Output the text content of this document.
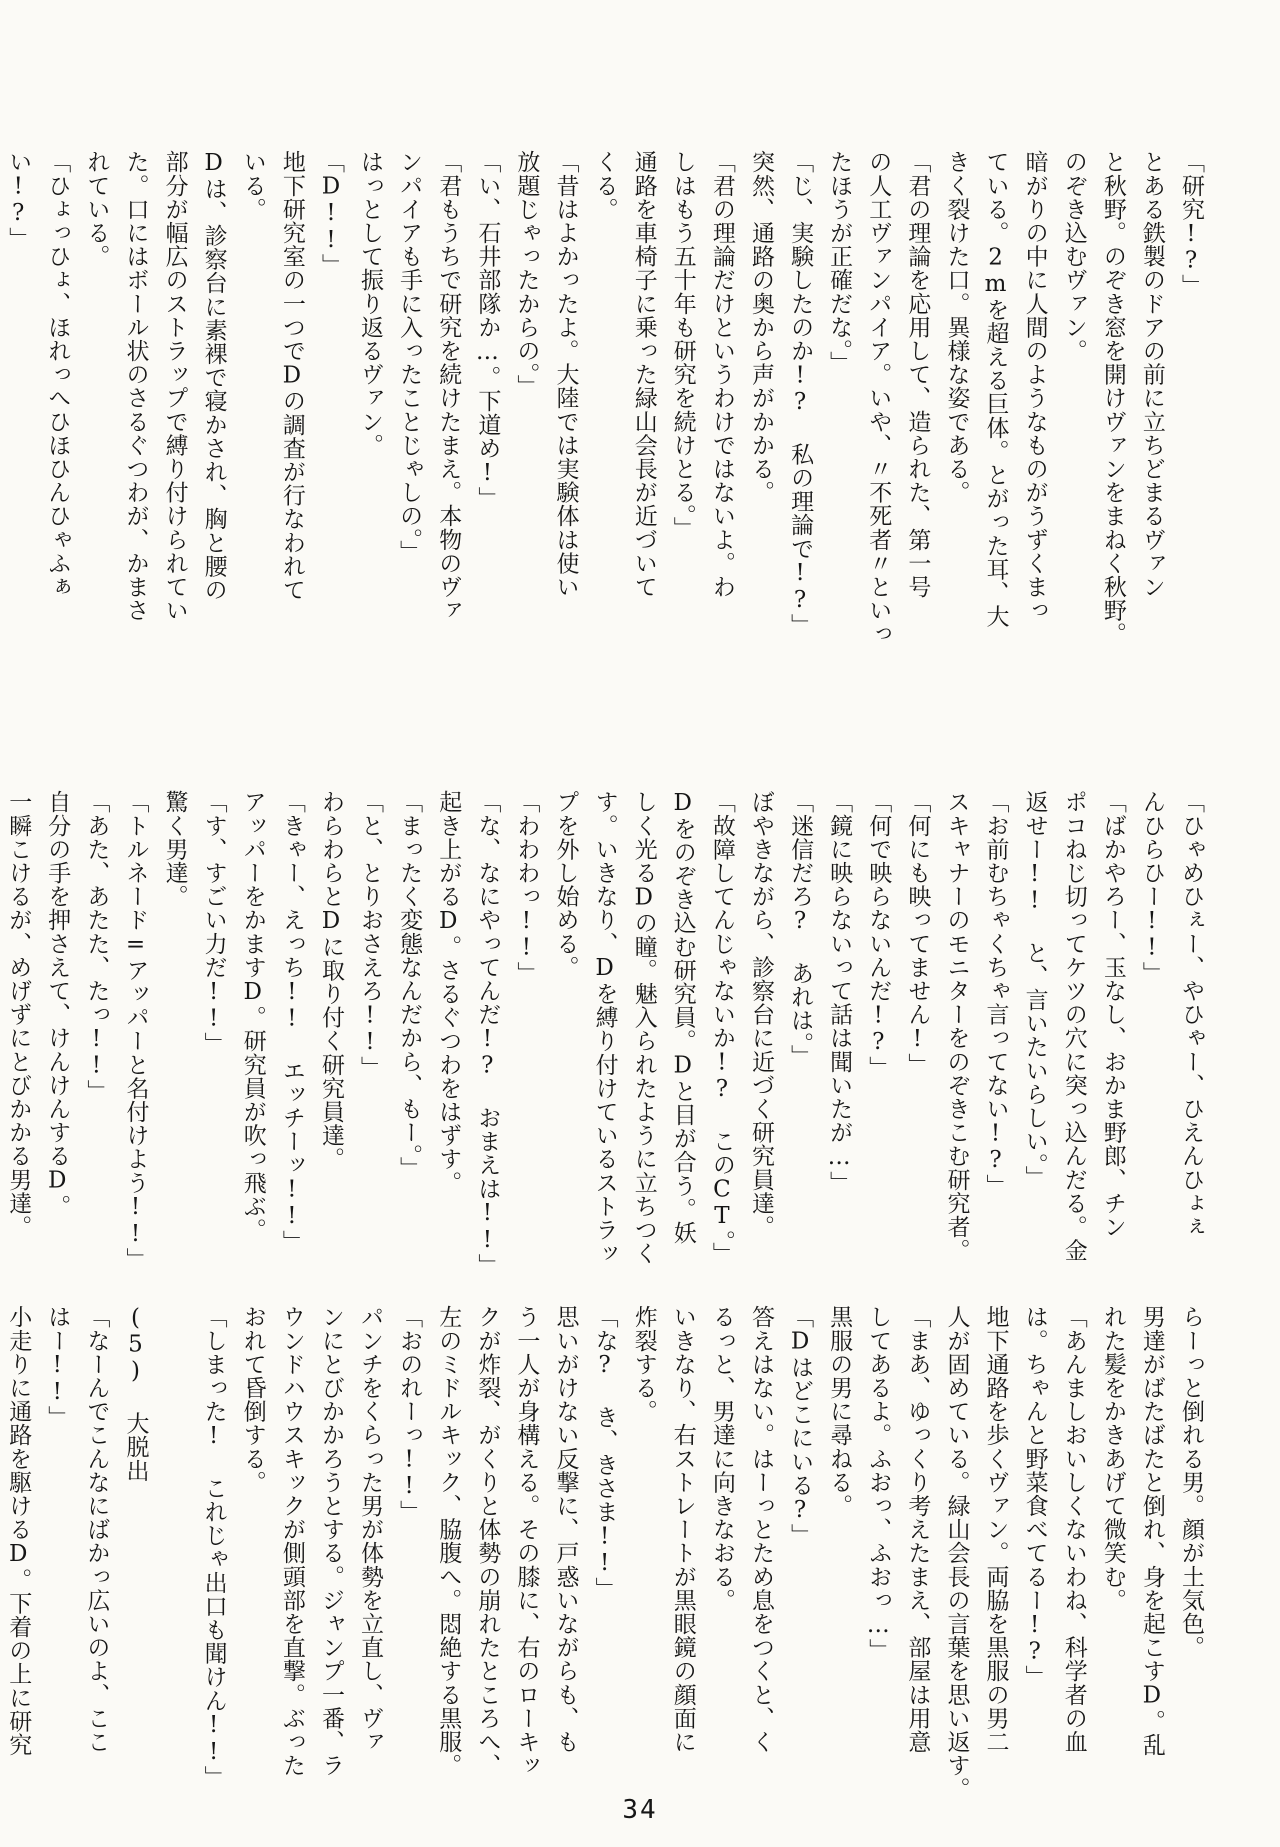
「研究!?」
とある鉄製のドアの前に立ちどまるヴァン
と秋野。のぞき窓を開けヴァンをまねく秋野。
のぞき込むヴァン。
暗がりの中に人間のようなものがうずくまっ
ている。2mを超える巨体。とがった耳、大
きく裂けた口。異様な姿である。
「君の理論を応用して、造られた、第一号
の人工ヴァンパイア。いや、〃不死者〃といっ
たほうが正確だな。」
「じ、実験したのか!? 私の理論で!?」
突然、通路の奥から声がかかる。
「君の理論だけというわけではないよ。わ
しはもう五十年も研究を続けとる。」
通路を車椅子に乗った緑山会長が近づいて
くる。
「昔はよかったよ。大陸では実験体は使い
放題じゃったからの。」
「い、石井部隊か…。下道め!」
「君もうちで研究を続けたまえ。本物のヴァ
ンパイアも手に入ったことじゃしの。」
はっとして振り返るヴァン。
「D!!」
地下研究室の一つでDの調査が行なわれて
いる。
Dは、診察台に素裸で寝かされ、胸と腰の
部分が幅広のストラップで縛り付けられてい
た。口にはボール状のさるぐつわが、かまさ
れている。
「ひょっひょ、ほれっへひほひんひゃふぁ
い!?」
「ひゃめひぇー、やひゃー、ひえんひょぇ
んひらひー!!」
「ばかやろー、玉なし、おかま野郎、チン
ポコねじ切ってケツの穴に突っ込んだる。金
返せー!! と、言いたいらしい。」
「お前むちゃくちゃ言ってない!?」
スキャナーのモニターをのぞきこむ研究者。
「何にも映ってません!」
「何で映らないんだ!?」
「鏡に映らないって話は聞いたが…」
「迷信だろ? あれは。」
ぼやきながら、診察台に近づく研究員達。
「故障してんじゃないか!? このCT。」
Dをのぞき込む研究員。Dと目が合う。妖
しく光るDの瞳。魅入られたように立ちつく
す。いきなり、Dを縛り付けているストラッ
プを外し始める。
「わわわっ!!」
「な、なにやってんだ!? おまえは!!」
起き上がるD。さるぐつわをはずす。
「まったく変態なんだから、もー。」
「と、とりおさえろ!!」
わらわらとDに取り付く研究員達。
「きゃー、えっち!! エッチーッ!!」
アッパーをかますD。研究員が吹っ飛ぶ。
「す、すごい力だ!!」
驚く男達。
「トルネード=アッパーと名付けよう!!」
「あた、あたた、たっ!!」
自分の手を押さえて、けんけんするD。
一瞬こけるが、めげずにとびかかる男達。
らーっと倒れる男。顔が土気色。
男達がばたばたと倒れ、身を起こすD。乱
れた髪をかきあげて微笑む。
「あんましおいしくないわね、科学者の血
は。ちゃんと野菜食べてるー!?」
地下通路を歩くヴァン。両脇を黒服の男二
人が固めている。緑山会長の言葉を思い返す。
「まあ、ゆっくり考えたまえ、部屋は用意
してあるよ。ふおっ、ふおっ…」
黒服の男に尋ねる。
「Dはどこにいる?」
答えはない。はーっとため息をつくと、く
るっと、男達に向きなおる。
いきなり、右ストレートが黒眼鏡の顔面に
炸裂する。
「な? き、きさま!!」
思いがけない反撃に、戸惑いながらも、も
う一人が身構える。その膝に、右のローキッ
クが炸裂、がくりと体勢の崩れたところへ、
左のミドルキック、脇腹へ。悶絶する黒服。
「おのれーっ!!」
パンチをくらった男が体勢を立直し、ヴァ
ンにとびかかろうとする。ジャンプ一番、ラ
ウンドハウスキックが側頭部を直撃。ぶった
おれて昏倒する。
「しまった! これじゃ出口も聞けん!!」

(5) 大脱出
「なーんでこんなにばかっ広いのよ、ここ
はー!!」
小走りに通路を駆けるD。下着の上に研究
34
